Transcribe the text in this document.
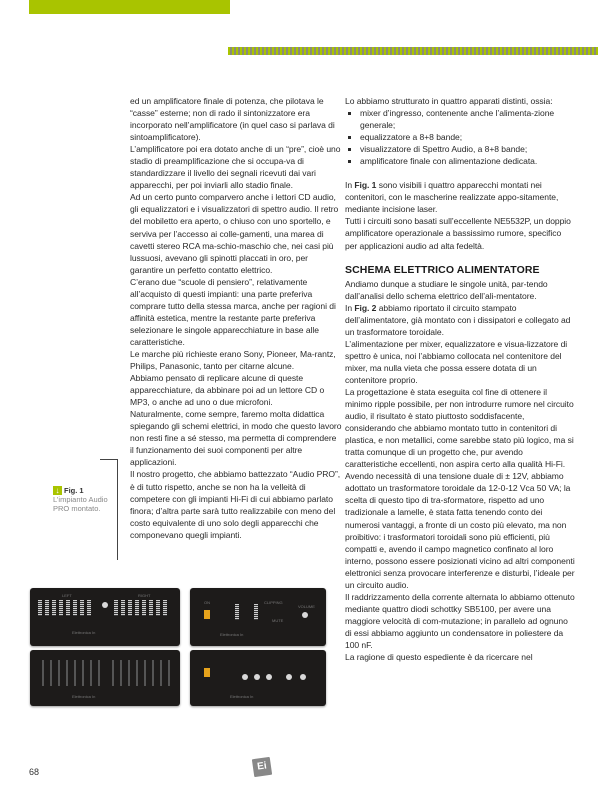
ed un amplificatore finale di potenza, che pilotava le “casse” esterne; non di rado il sintonizzatore era incorporato nell’amplificatore (in quel caso si parlava di sintoamplificatore).

L’amplificatore poi era dotato anche di un “pre”, cioè uno stadio di preamplificazione che si occupa-va di standardizzare il livello dei segnali ricevuti dai vari apparecchi, per poi inviarli allo stadio finale.

Ad un certo punto comparvero anche i lettori CD audio, gli equalizzatori e i visualizzatori di spettro audio. Il retro del mobiletto era aperto, o chiuso con uno sportello, e serviva per l’accesso ai colle-gamenti, una marea di cavetti stereo RCA ma-schio-maschio che, nei casi più lussuosi, avevano gli spinotti placcati in oro, per garantire un perfetto contatto elettrico.

C’erano due “scuole di pensiero”, relativamente all’acquisto di questi impianti: una parte preferiva comprare tutto della stessa marca, anche per ragioni di affinità estetica, mentre la restante parte preferiva selezionare le singole apparecchiature in base alle caratteristiche.

Le marche più richieste erano Sony, Pioneer, Ma-rantz, Philips, Panasonic, tanto per citarne alcune.

Abbiamo pensato di replicare alcune di queste apparecchiature, da abbinare poi ad un lettore CD o MP3, o anche ad uno o due microfoni.

Naturalmente, come sempre, faremo molta didattica spiegando gli schemi elettrici, in modo che questo lavoro non resti fine a sé stesso, ma permetta di comprendere il funzionamento dei suoi componenti per altre applicazioni.

Il nostro progetto, che abbiamo battezzato “Audio PRO”, è di tutto rispetto, anche se non ha la velleità di competere con gli impianti Hi-Fi di cui abbiamo parlato finora; d’altra parte sarà tutto realizzabile con meno del costo equivalente di uno solo degli apparecchi che componevano quegli impianti.

Lo abbiamo strutturato in quattro apparati distinti, ossia:

mixer d’ingresso, contenente anche l’alimenta-zione generale;
equalizzatore a 8+8 bande;
visualizzatore di Spettro Audio, a 8+8 bande;
amplificatore finale con alimentazione dedicata.

In Fig. 1 sono visibili i quattro apparecchi montati nei contenitori, con le mascherine realizzate appo-sitamente, mediante incisione laser.

Tutti i circuiti sono basati sull’eccellente NE5532P, un doppio amplificatore operazionale a bassissimo rumore, specifico per applicazioni audio ad alta fedeltà.

SCHEMA ELETTRICO ALIMENTATORE

Andiamo dunque a studiare le singole unità, par-tendo dall’analisi dello schema elettrico dell’ali-mentatore.

In Fig. 2 abbiamo riportato il circuito stampato dell’alimentatore, già montato con i dissipatori e collegato ad un trasformatore toroidale.

L’alimentazione per mixer, equalizzatore e visua-lizzatore di spettro è unica, noi l’abbiamo collocata nel contenitore del mixer, ma nulla vieta che possa essere dotata di un contenitore proprio.

La progettazione è stata eseguita col fine di ottenere il minimo ripple possibile, per non introdurre rumore nel circuito audio, il risultato è stato piuttosto soddisfacente, considerando che abbiamo montato tutto in contenitori di plastica, e non metallici, come sarebbe stato più logico, ma si tratta comunque di un progetto che, pur avendo caratteristiche eccellenti, non aspira certo alla qualità Hi-Fi.

Avendo necessità di una tensione duale di ± 12V, abbiamo adottato un trasformatore toroidale da 12-0-12 Vca 50 VA; la scelta di questo tipo di tra-sformatore, rispetto ad uno tradizionale a lamelle, è stata fatta tenendo conto dei numerosi vantaggi, a fronte di un costo più elevato, ma non proibitivo: i trasformatori toroidali sono più efficienti, più compatti e, avendo il campo magnetico confinato al loro interno, possono essere posizionati vicino ad altri componenti elettronici senza provocare interferenze e disturbi, l’ideale per un circuito audio.

Il raddrizzamento della corrente alternata lo abbiamo ottenuto mediante quattro diodi schottky SB5100, per avere una maggiore velocità di com-mutazione; in parallelo ad ognuno di essi abbiamo aggiunto un condensatore in poliestere da 100 nF.

La ragione di questo espediente è da ricercare nel

↓ Fig. 1
L’impianto Audio PRO montato.
LEFT	RIGHT
Elettronica In
Elettronica In
ON	CLIPPING
MUTE
VOLUME
Elettronica In
Elettronica In
68	Ei
